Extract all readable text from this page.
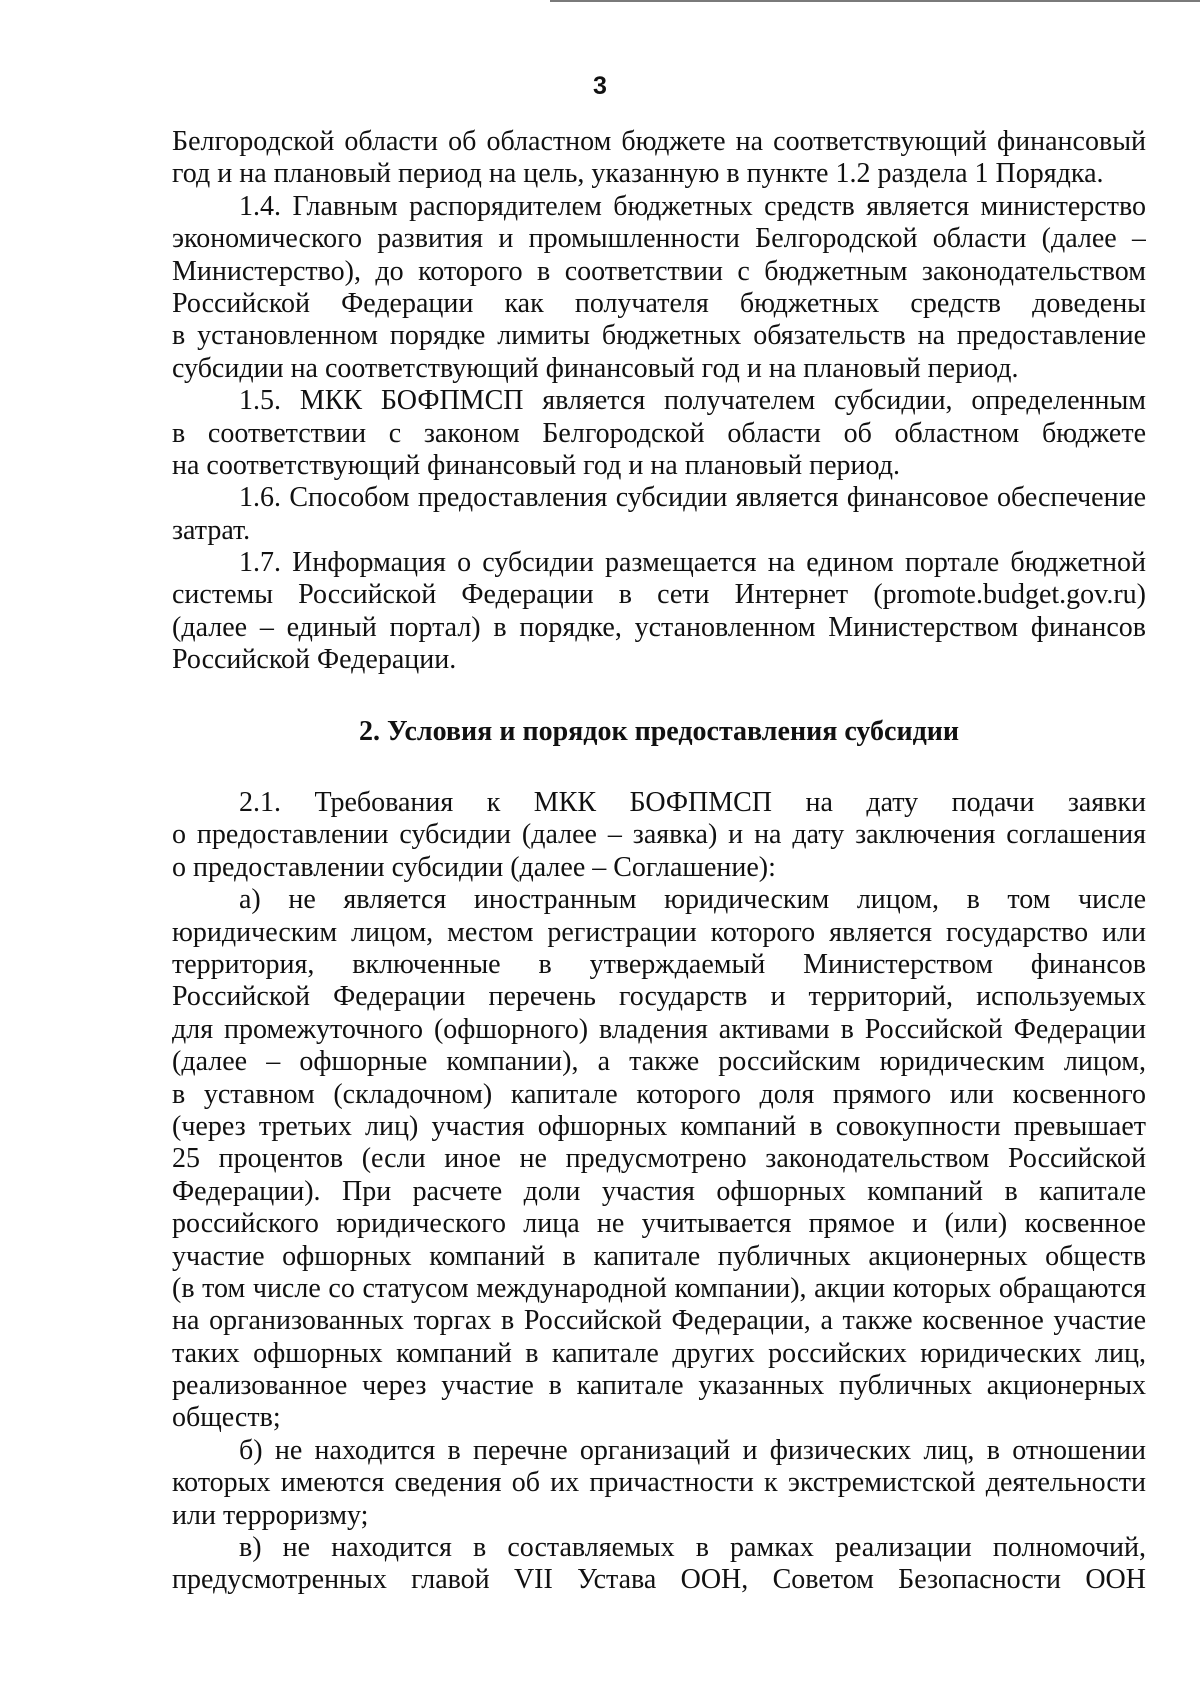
3
Белгородской области об областном бюджете на соответствующий финансовый
год и на плановый период на цель, указанную в пункте 1.2 раздела 1 Порядка.
1.4. Главным распорядителем бюджетных средств является министерство
экономического развития и промышленности Белгородской области (далее –
Министерство), до которого в соответствии с бюджетным законодательством
Российской Федерации как получателя бюджетных средств доведены
в установленном порядке лимиты бюджетных обязательств на предоставление
субсидии на соответствующий финансовый год и на плановый период.
1.5. МКК БОФПМСП является получателем субсидии, определенным
в соответствии с законом Белгородской области об областном бюджете
на соответствующий финансовый год и на плановый период.
1.6. Способом предоставления субсидии является финансовое обеспечение
затрат.
1.7. Информация о субсидии размещается на едином портале бюджетной
системы Российской Федерации в сети Интернет (promote.budget.gov.ru)
(далее – единый портал) в порядке, установленном Министерством финансов
Российской Федерации.
2. Условия и порядок предоставления субсидии
2.1. Требования к МКК БОФПМСП на дату подачи заявки
о предоставлении субсидии (далее – заявка) и на дату заключения соглашения
о предоставлении субсидии (далее – Соглашение):
а) не является иностранным юридическим лицом, в том числе
юридическим лицом, местом регистрации которого является государство или
территория, включенные в утверждаемый Министерством финансов
Российской Федерации перечень государств и территорий, используемых
для промежуточного (офшорного) владения активами в Российской Федерации
(далее – офшорные компании), а также российским юридическим лицом,
в уставном (складочном) капитале которого доля прямого или косвенного
(через третьих лиц) участия офшорных компаний в совокупности превышает
25 процентов (если иное не предусмотрено законодательством Российской
Федерации). При расчете доли участия офшорных компаний в капитале
российского юридического лица не учитывается прямое и (или) косвенное
участие офшорных компаний в капитале публичных акционерных обществ
(в том числе со статусом международной компании), акции которых обращаются
на организованных торгах в Российской Федерации, а также косвенное участие
таких офшорных компаний в капитале других российских юридических лиц,
реализованное через участие в капитале указанных публичных акционерных
обществ;
б) не находится в перечне организаций и физических лиц, в отношении
которых имеются сведения об их причастности к экстремистской деятельности
или терроризму;
в) не находится в составляемых в рамках реализации полномочий,
предусмотренных главой VII Устава ООН, Советом Безопасности ООН
